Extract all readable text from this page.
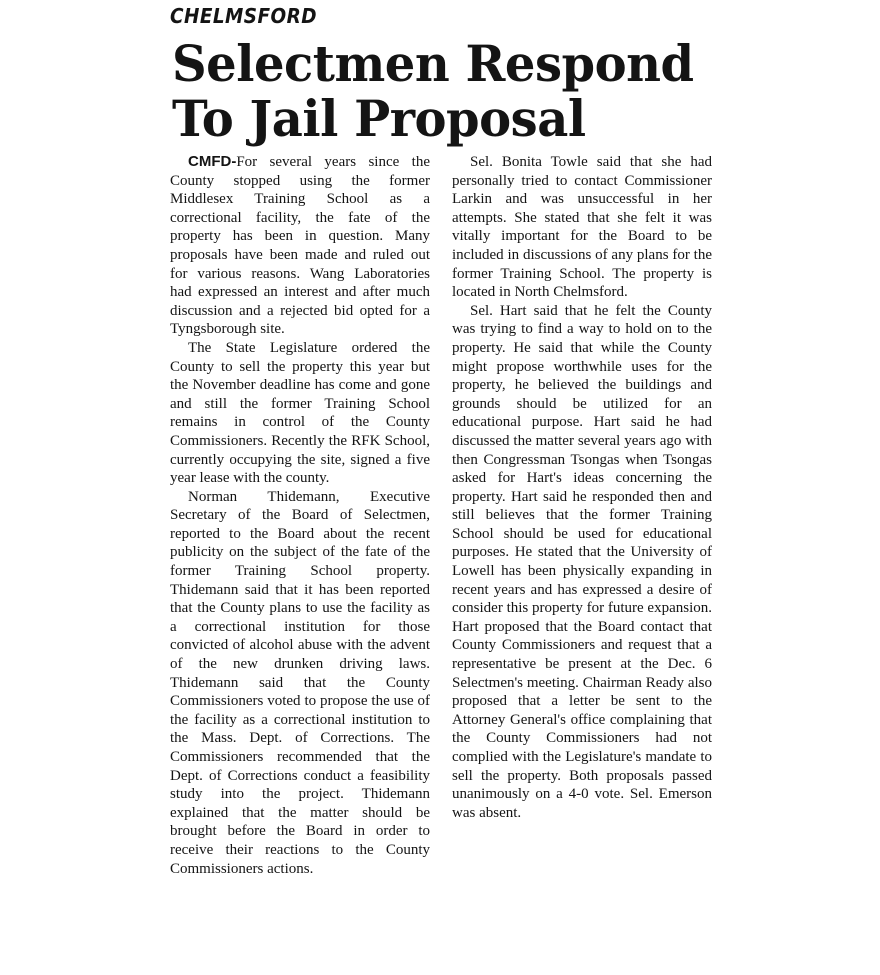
CHELMSFORD
Selectmen Respond
To Jail Proposal

CMFD-For several years since the County stopped using the former Middlesex Training School as a correctional facility, the fate of the property has been in question. Many proposals have been made and ruled out for various reasons. Wang Laboratories had expressed an interest and after much discussion and a rejected bid opted for a Tyngsborough site.

The State Legislature ordered the County to sell the property this year but the November deadline has come and gone and still the former Training School remains in control of the County Commissioners. Recently the RFK School, currently occupying the site, signed a five year lease with the county.

Norman Thidemann, Executive Secretary of the Board of Selectmen, reported to the Board about the recent publicity on the subject of the fate of the former Training School property. Thidemann said that it has been reported that the County plans to use the facility as a correctional institution for those convicted of alcohol abuse with the advent of the new drunken driving laws. Thidemann said that the County Commissioners voted to propose the use of the facility as a correctional institution to the Mass. Dept. of Corrections. The Commissioners recommended that the Dept. of Corrections conduct a feasibility study into the project. Thidemann explained that the matter should be brought before the Board in order to receive their reactions to the County Commissioners actions.

Sel. Bonita Towle said that she had personally tried to contact Commissioner Larkin and was unsuccessful in her attempts. She stated that she felt it was vitally important for the Board to be included in discussions of any plans for the former Training School. The property is located in North Chelmsford.

Sel. Hart said that he felt the County was trying to find a way to hold on to the property. He said that while the County might propose worthwhile uses for the property, he believed the buildings and grounds should be utilized for an educational purpose. Hart said he had discussed the matter several years ago with then Congressman Tsongas when Tsongas asked for Hart's ideas concerning the property. Hart said he responded then and still believes that the former Training School should be used for educational purposes. He stated that the University of Lowell has been physically expanding in recent years and has expressed a desire of consider this property for future expansion. Hart proposed that the Board contact that County Commissioners and request that a representative be present at the Dec. 6 Selectmen's meeting. Chairman Ready also proposed that a letter be sent to the Attorney General's office complaining that the County Commissioners had not complied with the Legislature's mandate to sell the property. Both proposals passed unanimously on a 4-0 vote. Sel. Emerson was absent.
